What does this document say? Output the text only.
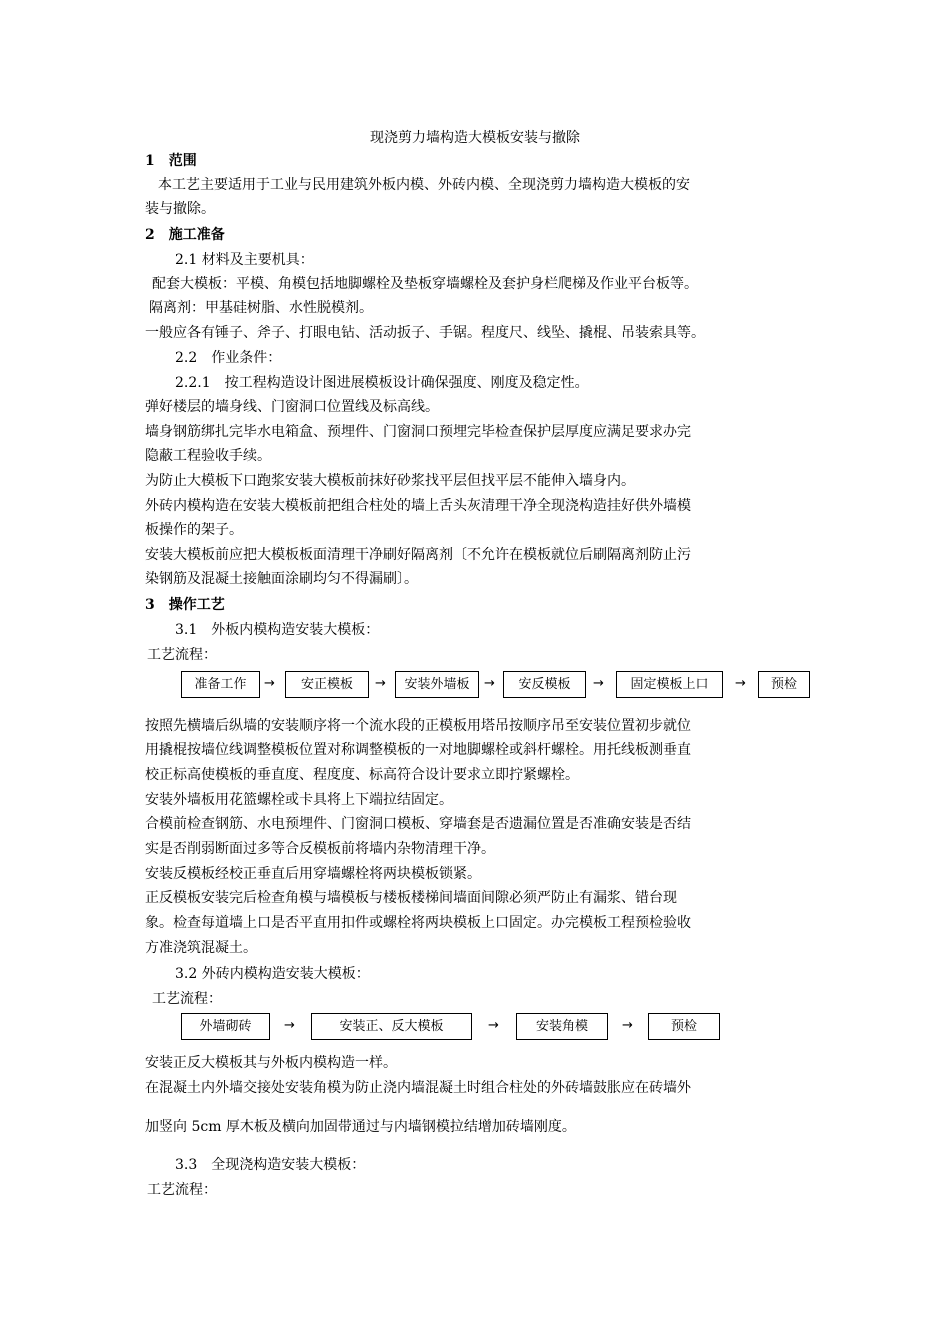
现浇剪力墙构造大模板安装与撤除
1　范围
本工艺主要适用于工业与民用建筑外板内模、外砖内模、全现浇剪力墙构造大模板的安
装与撤除。
2　施工准备
2.1 材料及主要机具：
配套大模板：平模、角模包括地脚螺栓及垫板穿墙螺栓及套护身栏爬梯及作业平台板等。
隔离剂：甲基硅树脂、水性脱模剂。
一般应各有锤子、斧子、打眼电钻、活动扳子、手锯。程度尺、线坠、撬棍、吊装索具等。
2.2　作业条件：
2.2.1　按工程构造设计图进展模板设计确保强度、刚度及稳定性。
弹好楼层的墙身线、门窗洞口位置线及标高线。
墙身钢筋绑扎完毕水电箱盒、预埋件、门窗洞口预埋完毕检查保护层厚度应满足要求办完
隐蔽工程验收手续。
为防止大模板下口跑浆安装大模板前抹好砂浆找平层但找平层不能伸入墙身内。
外砖内模构造在安装大模板前把组合柱处的墙上舌头灰清理干净全现浇构造挂好供外墙模
板操作的架子。
安装大模板前应把大模板板面清理干净刷好隔离剂〔不允许在模板就位后刷隔离剂防止污
染钢筋及混凝土接触面涂刷均匀不得漏刷〕。
3　操作工艺
3.1　外板内模构造安装大模板：
工艺流程：
准备工作	→	安正模板	→	安装外墙板	→	安反模板	→	固定模板上口	→	预检
按照先横墙后纵墙的安装顺序将一个流水段的正模板用塔吊按顺序吊至安装位置初步就位
用撬棍按墙位线调整模板位置对称调整模板的一对地脚螺栓或斜杆螺栓。用托线板测垂直
校正标高使模板的垂直度、程度度、标高符合设计要求立即拧紧螺栓。
安装外墙板用花篮螺栓或卡具将上下端拉结固定。
合模前检查钢筋、水电预埋件、门窗洞口模板、穿墙套是否遗漏位置是否准确安装是否结
实是否削弱断面过多等合反模板前将墙内杂物清理干净。
安装反模板经校正垂直后用穿墙螺栓将两块模板锁紧。
正反模板安装完后检查角模与墙模板与楼板楼梯间墙面间隙必须严防止有漏浆、错台现
象。检查每道墙上口是否平直用扣件或螺栓将两块模板上口固定。办完模板工程预检验收
方准浇筑混凝土。
3.2 外砖内模构造安装大模板：
工艺流程：
外墙砌砖	→	安装正、反大模板	→	安装角模	→	预检
安装正反大模板其与外板内模构造一样。
在混凝土内外墙交接处安装角模为防止浇内墙混凝土时组合柱处的外砖墙鼓胀应在砖墙外
加竖向 5cm 厚木板及横向加固带通过与内墙钢模拉结增加砖墙刚度。
3.3　全现浇构造安装大模板：
工艺流程：
